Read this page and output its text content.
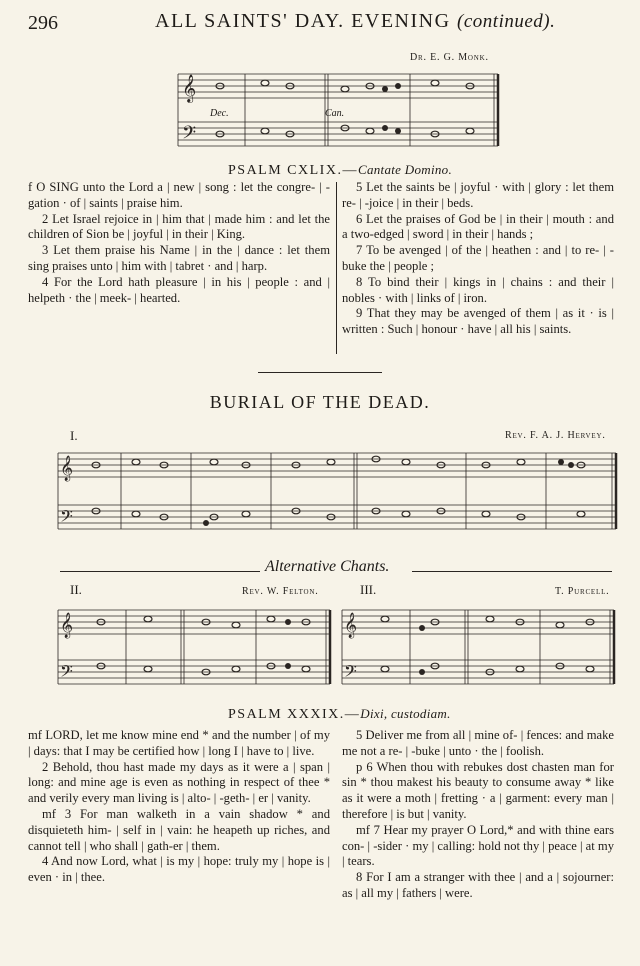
296	ALL SAINTS' DAY. EVENING (continued).
Dr. E. G. Monk.
𝄞
𝄢
Dec.	Can.
PSALM CXLIX.—Cantate Domino.

f O SING unto the Lord a | new | song : let the congre- | -gation · of | saints | praise him.

2 Let Israel rejoice in | him that | made him : and let the children of Sion be | joyful | in their | King.

3 Let them praise his Name | in the | dance : let them sing praises unto | him with | tabret · and | harp.

4 For the Lord hath pleasure | in his | people : and | helpeth · the | meek- | hearted.

5 Let the saints be | joyful · with | glory : let them re- | -joice | in their | beds.

6 Let the praises of God be | in their | mouth : and a two-edged | sword | in their | hands ;

7 To be avenged | of the | heathen : and | to re- | -buke the | people ;

8 To bind their | kings in | chains : and their | nobles · with | links of | iron.

9 That they may be avenged of them | as it · is | written : Such | honour · have | all his | saints.

BURIAL OF THE DEAD.
I.	Rev. F. A. J. Hervey.
𝄞
𝄢
Alternative Chants.
II.	Rev. W. Felton.	III.	T. Purcell.
𝄞
𝄢
𝄞
𝄢
PSALM XXXIX.—Dixi, custodiam.

mf LORD, let me know mine end * and the number | of my | days: that I may be certified how | long I | have to | live.

2 Behold, thou hast made my days as it were a | span | long: and mine age is even as nothing in respect of thee * and verily every man living is | alto- | -geth- | er | vanity.

mf 3 For man walketh in a vain shadow * and disquieteth him- | self in | vain: he heapeth up riches, and cannot tell | who shall | gath-er | them.

4 And now Lord, what | is my | hope: truly my | hope is | even · in | thee.

5 Deliver me from all | mine of- | fences: and make me not a re- | -buke | unto · the | foolish.

p 6 When thou with rebukes dost chasten man for sin * thou makest his beauty to consume away * like as it were a moth | fretting · a | garment: every man | therefore | is but | vanity.

mf 7 Hear my prayer O Lord,* and with thine ears con- | -sider · my | calling: hold not thy | peace | at my | tears.

8 For I am a stranger with thee | and a | sojourner: as | all my | fathers | were.
